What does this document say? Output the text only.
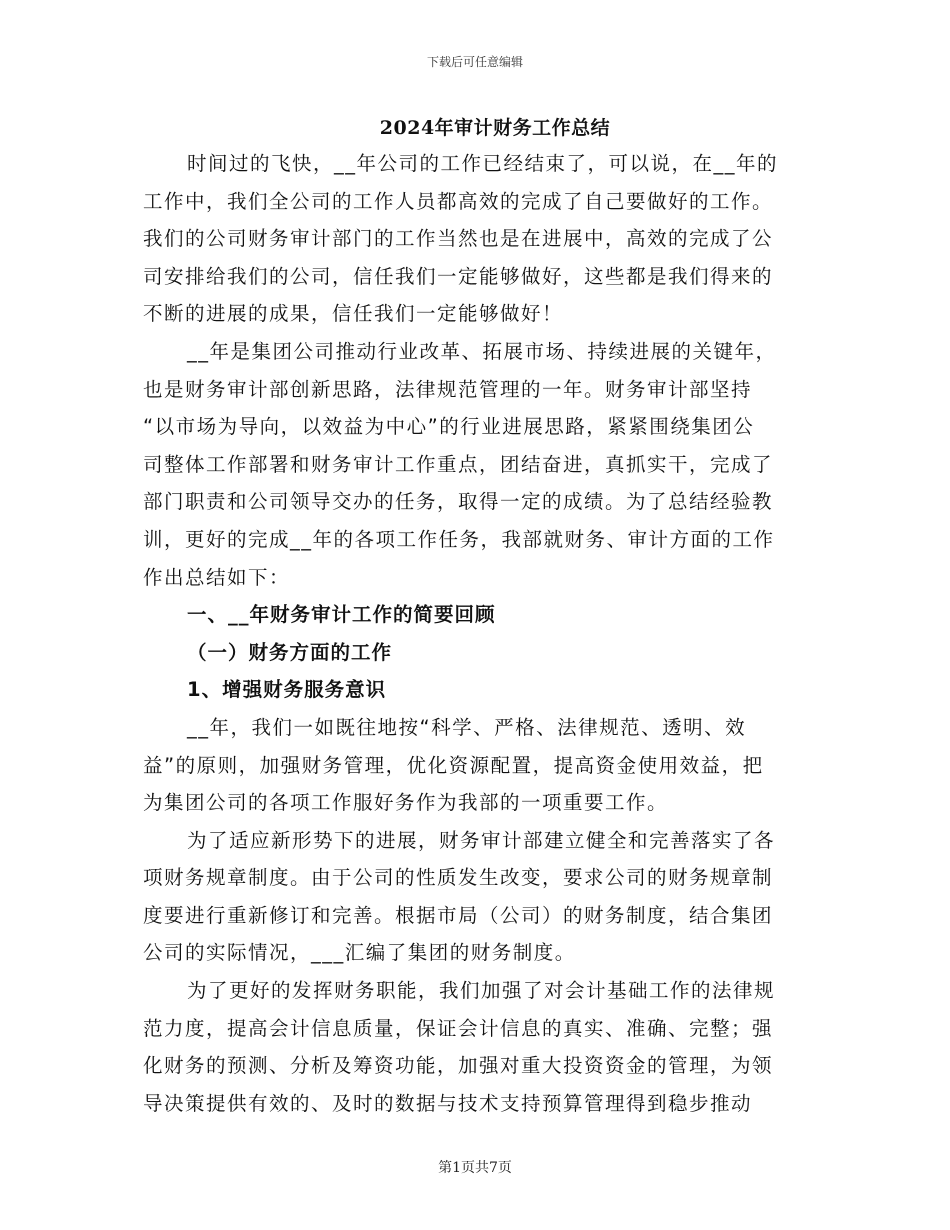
下载后可任意编辑
2024年审计财务工作总结
时间过的飞快，__年公司的工作已经结束了，可以说，在__年的
工作中，我们全公司的工作人员都高效的完成了自己要做好的工作。
我们的公司财务审计部门的工作当然也是在进展中，高效的完成了公
司安排给我们的公司，信任我们一定能够做好，这些都是我们得来的
不断的进展的成果，信任我们一定能够做好！
__年是集团公司推动行业改革、拓展市场、持续进展的关键年，
也是财务审计部创新思路，法律规范管理的一年。财务审计部坚持
“以市场为导向，以效益为中心”的行业进展思路，紧紧围绕集团公
司整体工作部署和财务审计工作重点，团结奋进，真抓实干，完成了
部门职责和公司领导交办的任务，取得一定的成绩。为了总结经验教
训，更好的完成__年的各项工作任务，我部就财务、审计方面的工作
作出总结如下：
一、__年财务审计工作的简要回顾
（一）财务方面的工作
1、增强财务服务意识
__年，我们一如既往地按“科学、严格、法律规范、透明、效
益”的原则，加强财务管理，优化资源配置，提高资金使用效益，把
为集团公司的各项工作服好务作为我部的一项重要工作。
为了适应新形势下的进展，财务审计部建立健全和完善落实了各
项财务规章制度。由于公司的性质发生改变，要求公司的财务规章制
度要进行重新修订和完善。根据市局（公司）的财务制度，结合集团
公司的实际情况，___汇编了集团的财务制度。
为了更好的发挥财务职能，我们加强了对会计基础工作的法律规
范力度，提高会计信息质量，保证会计信息的真实、准确、完整；强
化财务的预测、分析及筹资功能，加强对重大投资资金的管理，为领
导决策提供有效的、及时的数据与技术支持预算管理得到稳步推动
第1页共7页
